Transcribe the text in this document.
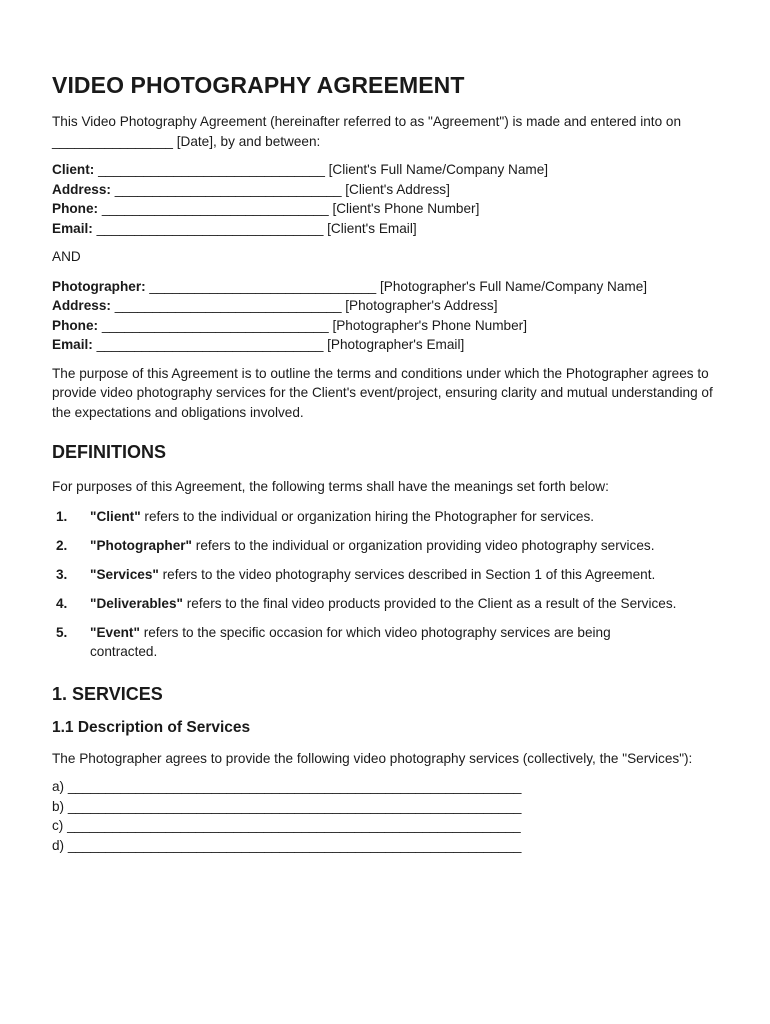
VIDEO PHOTOGRAPHY AGREEMENT

This Video Photography Agreement (hereinafter referred to as "Agreement") is made and entered into on ________________ [Date], by and between:

Client: ______________________________ [Client's Full Name/Company Name]
Address: ______________________________ [Client's Address]
Phone: ______________________________ [Client's Phone Number]
Email: ______________________________ [Client's Email]

AND

Photographer: ______________________________ [Photographer's Full Name/Company Name]
Address: ______________________________ [Photographer's Address]
Phone: ______________________________ [Photographer's Phone Number]
Email: ______________________________ [Photographer's Email]

The purpose of this Agreement is to outline the terms and conditions under which the Photographer agrees to provide video photography services for the Client's event/project, ensuring clarity and mutual understanding of the expectations and obligations involved.

DEFINITIONS

For purposes of this Agreement, the following terms shall have the meanings set forth below:

1.	"Client" refers to the individual or organization hiring the Photographer for services.
2.	"Photographer" refers to the individual or organization providing video photography services.
3.	"Services" refers to the video photography services described in Section 1 of this Agreement.
4.	"Deliverables" refers to the final video products provided to the Client as a result of the Services.
5.	"Event" refers to the specific occasion for which video photography services are being contracted.
1. SERVICES
1.1 Description of Services

The Photographer agrees to provide the following video photography services (collectively, the "Services"):

a) ____________________________________________________________
b) ____________________________________________________________
c) ____________________________________________________________
d) ____________________________________________________________
